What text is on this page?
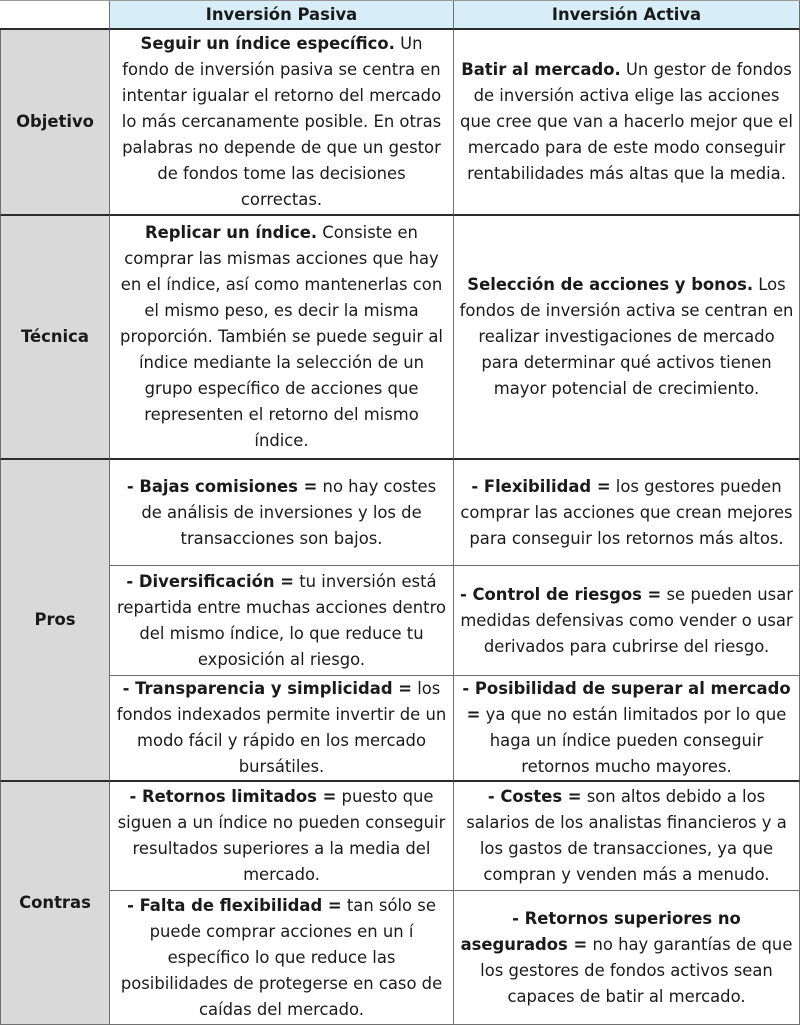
Inversión Pasiva	Inversión Activa
Objetivo
Seguir un índice específico. Un fondo de inversión pasiva se centra en intentar igualar el retorno del mercado lo más cercanamente posible. En otras palabras no depende de que un gestor de fondos tome las decisiones correctas.
Batir al mercado. Un gestor de fondos de inversión activa elige las acciones que cree que van a hacerlo mejor que el mercado para de este modo conseguir rentabilidades más altas que la media.
Técnica
Replicar un índice. Consiste en comprar las mismas acciones que hay en el índice, así como mantenerlas con el mismo peso, es decir la misma proporción. También se puede seguir al índice mediante la selección de un grupo específico de acciones que representen el retorno del mismo índice.
Selección de acciones y bonos. Los fondos de inversión activa se centran en realizar investigaciones de mercado para determinar qué activos tienen mayor potencial de crecimiento.
Pros
- Bajas comisiones = no hay costes de análisis de inversiones y los de transacciones son bajos.
- Flexibilidad = los gestores pueden comprar las acciones que crean mejores para conseguir los retornos más altos.
- Diversificación = tu inversión está repartida entre muchas acciones dentro del mismo índice, lo que reduce tu exposición al riesgo.
- Control de riesgos = se pueden usar medidas defensivas como vender o usar derivados para cubrirse del riesgo.
- Transparencia y simplicidad = los fondos indexados permite invertir de un modo fácil y rápido en los mercado bursátiles.
- Posibilidad de superar al mercado = ya que no están limitados por lo que haga un índice pueden conseguir retornos mucho mayores.
Contras
- Retornos limitados = puesto que siguen a un índice no pueden conseguir resultados superiores a la media del mercado.
- Costes = son altos debido a los salarios de los analistas financieros y a los gastos de transacciones, ya que compran y venden más a menudo.
- Falta de flexibilidad = tan sólo se puede comprar acciones en un í específico lo que reduce las posibilidades de protegerse en caso de caídas del mercado.
- Retornos superiores no asegurados = no hay garantías de que los gestores de fondos activos sean capaces de batir al mercado.
